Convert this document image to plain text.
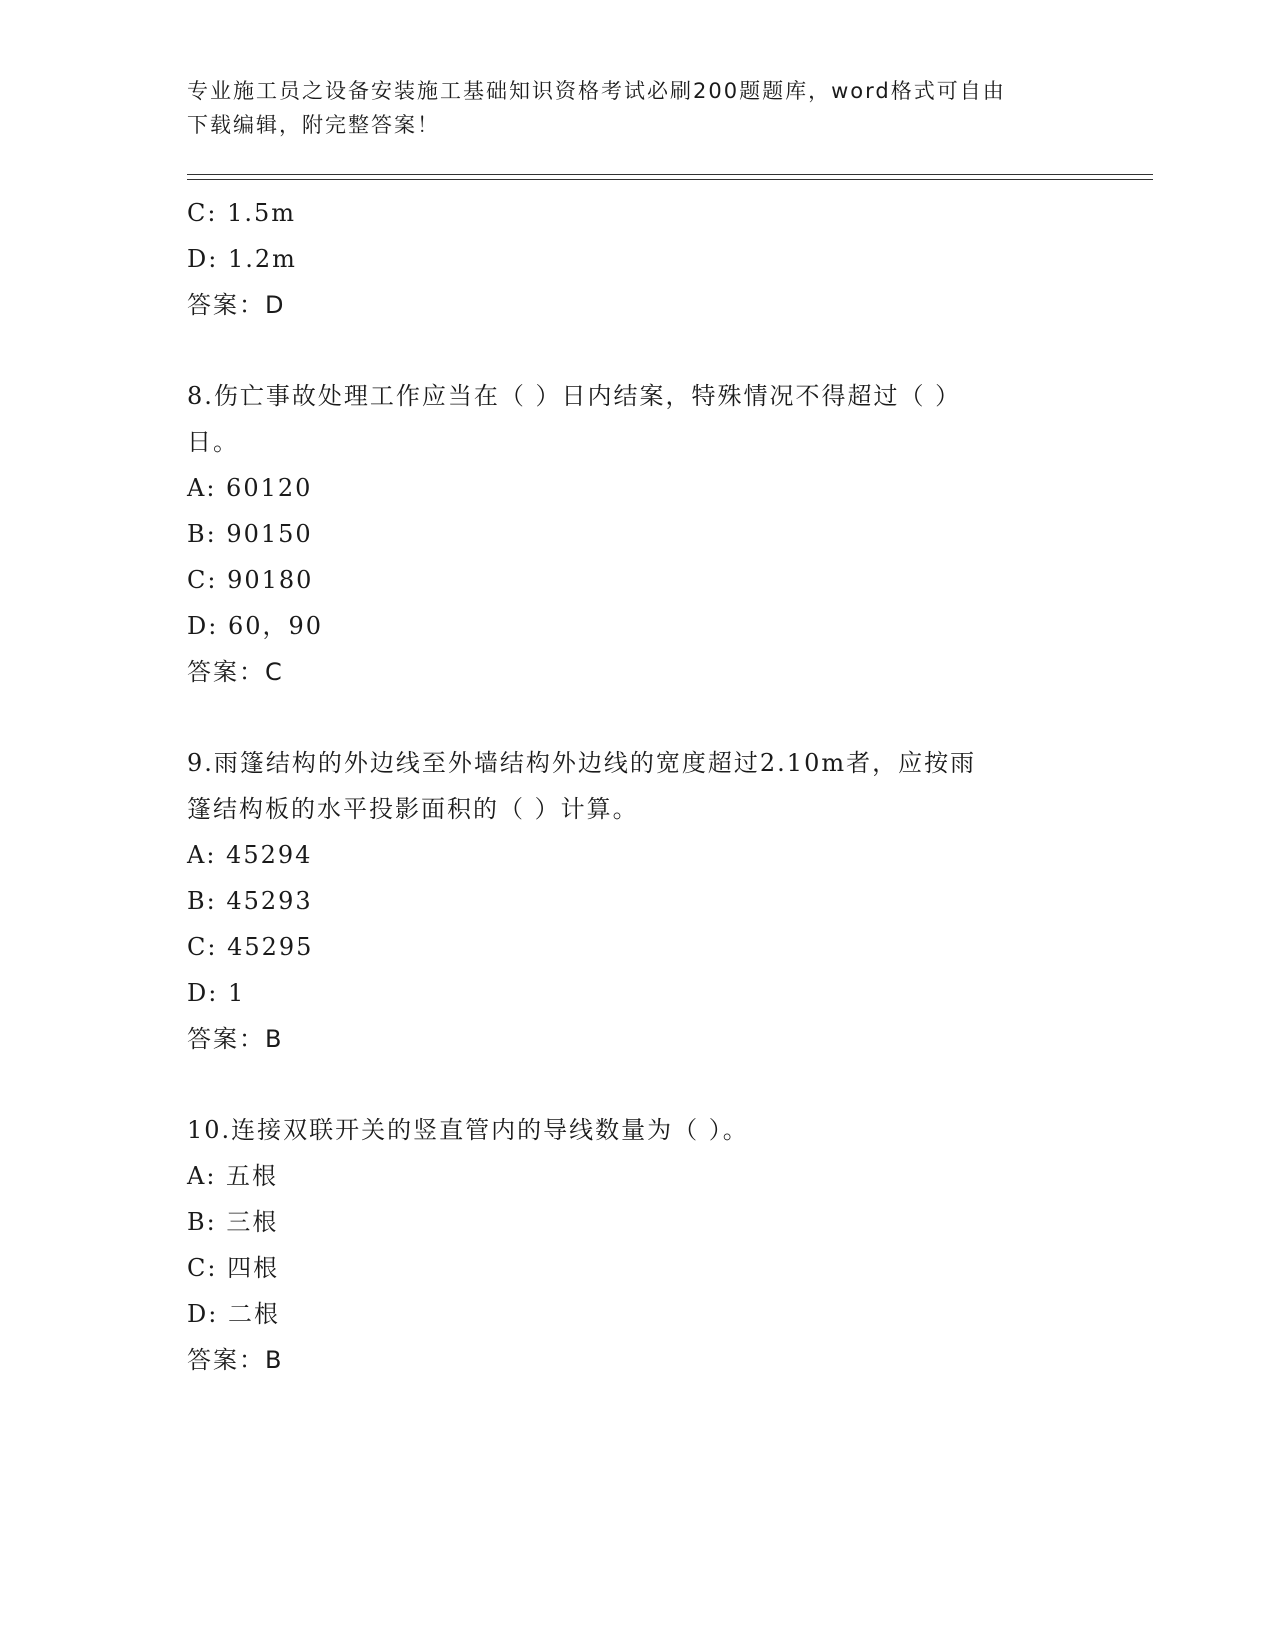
专业施工员之设备安装施工基础知识资格考试必刷200题题库，word格式可自由
下载编辑，附完整答案！
C: 1.5m
D: 1.2m
答案：D
8.伤亡事故处理工作应当在（ ）日内结案，特殊情况不得超过（ ）
日。
A: 60120
B: 90150
C: 90180
D: 60，90
答案：C
9.雨篷结构的外边线至外墙结构外边线的宽度超过2.10m者，应按雨
篷结构板的水平投影面积的（ ）计算。
A: 45294
B: 45293
C: 45295
D: 1
答案：B
10.连接双联开关的竖直管内的导线数量为（ ）。
A: 五根
B: 三根
C: 四根
D: 二根
答案：B
